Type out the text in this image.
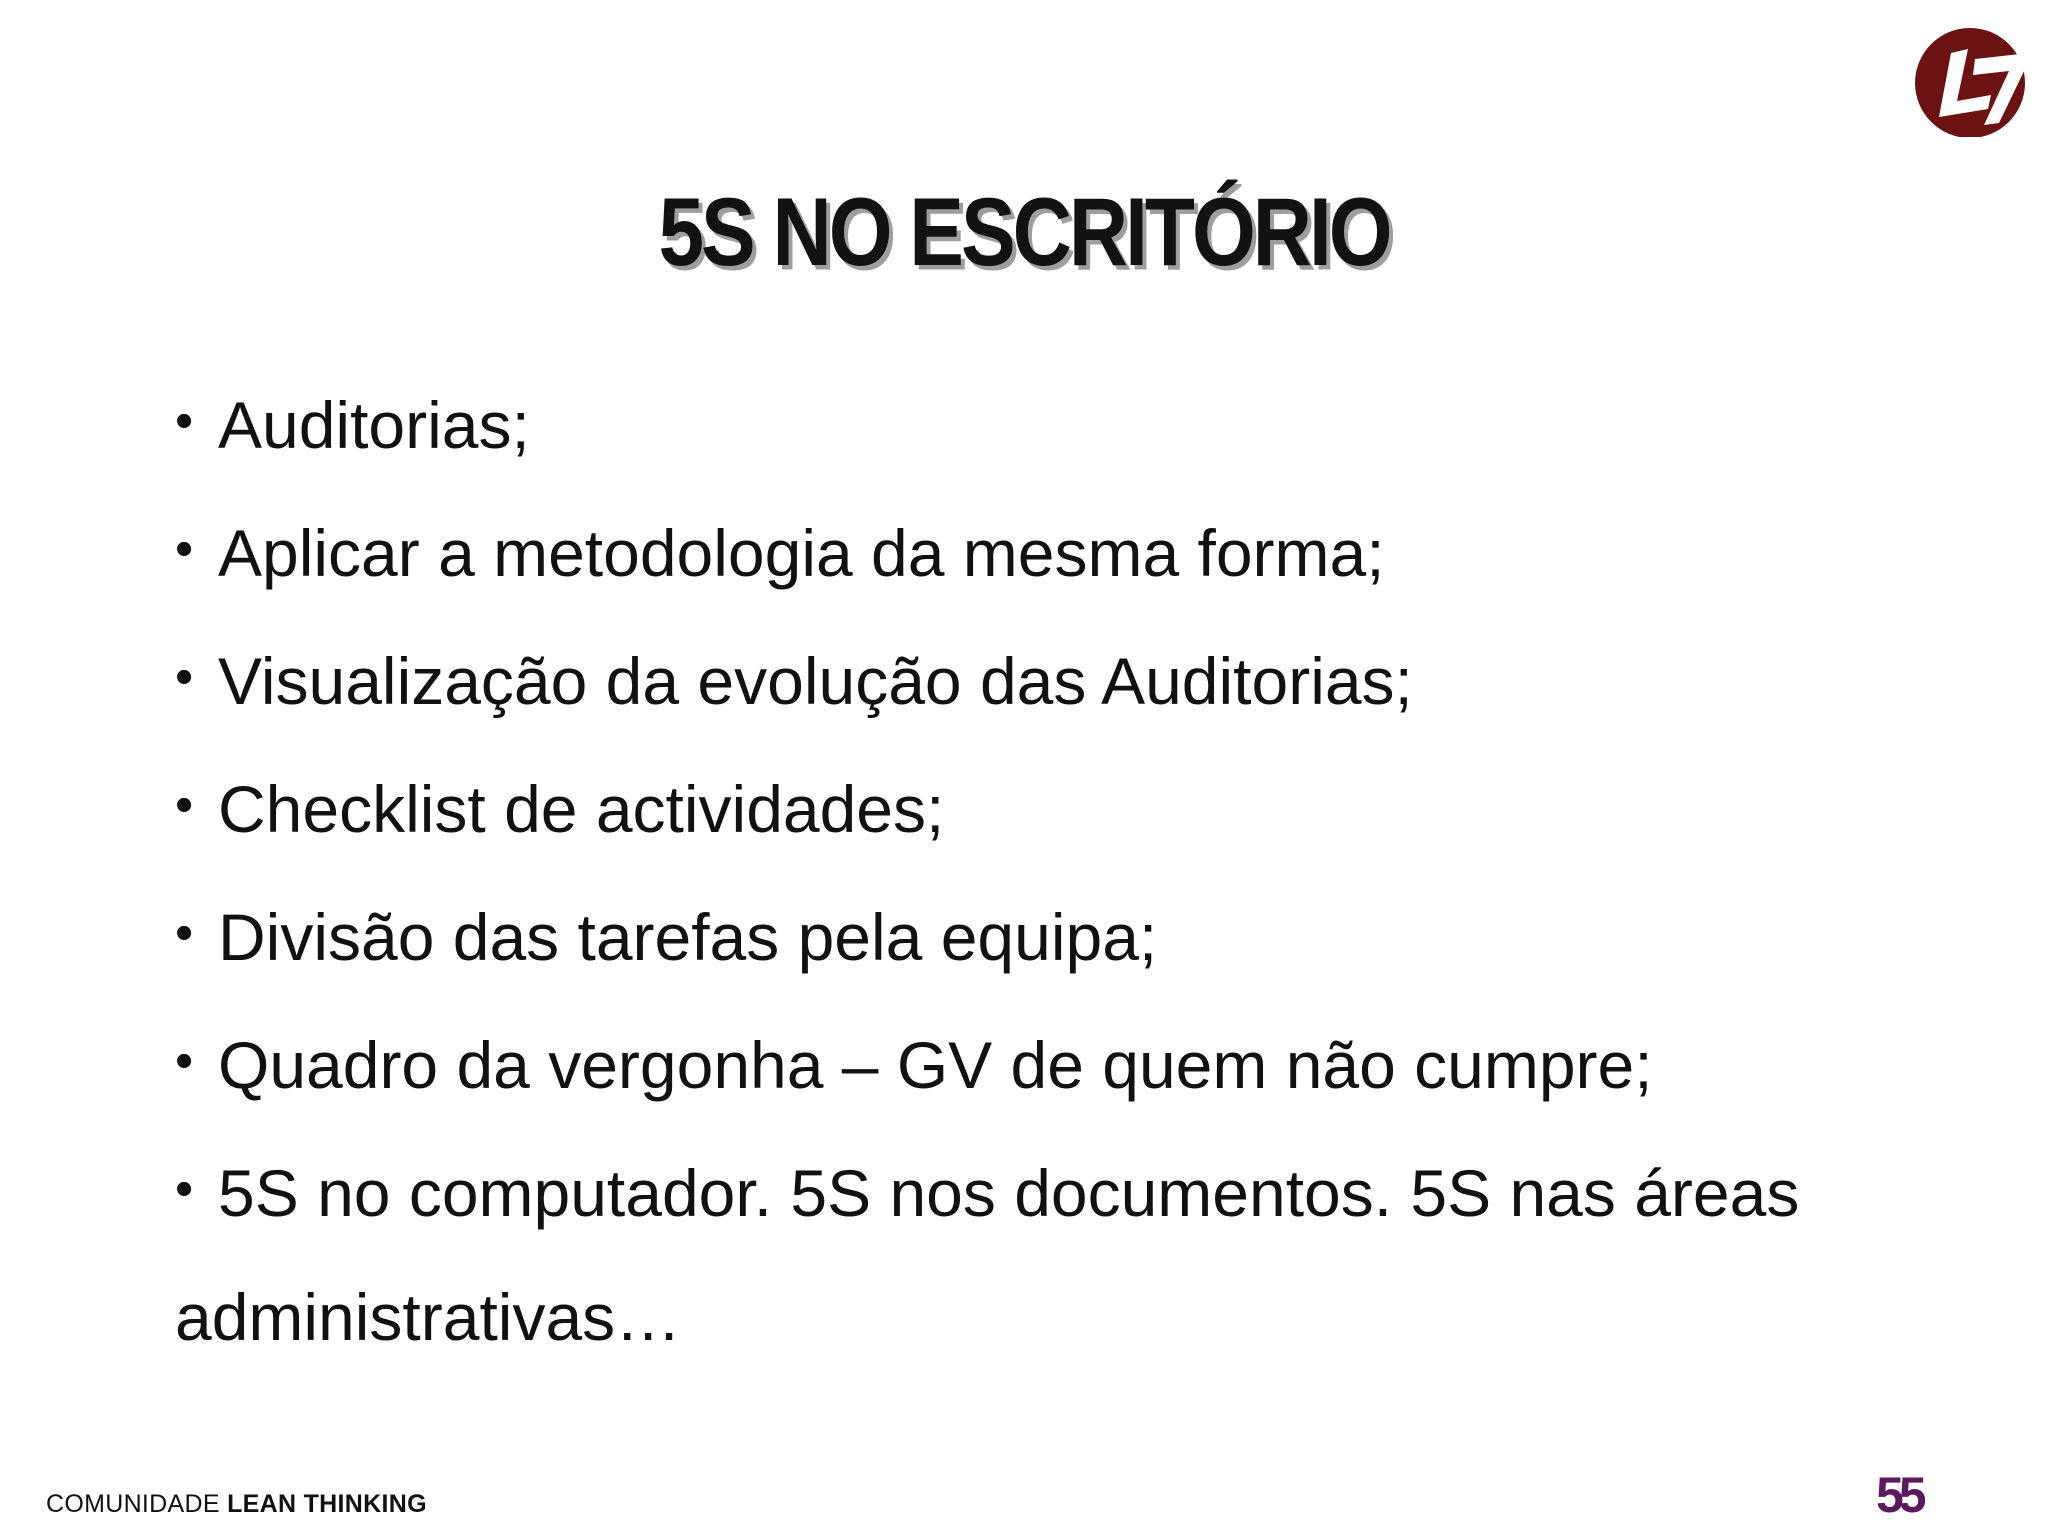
5S NO ESCRITÓRIO
• Auditorias;
• Aplicar a metodologia da mesma forma;
• Visualização da evolução das Auditorias;
• Checklist de actividades;
• Divisão das tarefas pela equipa;
• Quadro da vergonha – GV de quem não cumpre;
• 5S no computador. 5S nos documentos. 5S nas áreas administrativas…
COMUNIDADE LEAN THINKING	55
